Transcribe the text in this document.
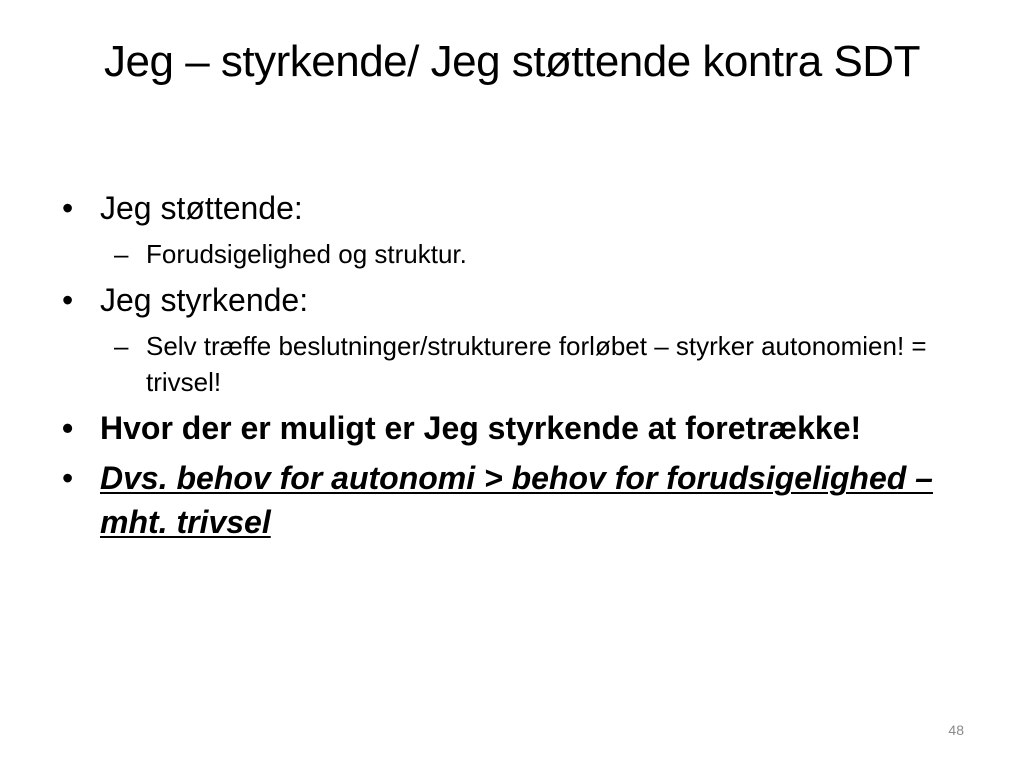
Jeg – styrkende/ Jeg støttende kontra SDT
• Jeg støttende:
– Forudsigelighed og struktur.
• Jeg styrkende:
– Selv træffe beslutninger/strukturere forløbet – styrker autonomien! = trivsel!
• Hvor der er muligt er Jeg styrkende at foretrække!
• Dvs. behov for autonomi > behov for forudsigelighed – mht. trivsel
48
